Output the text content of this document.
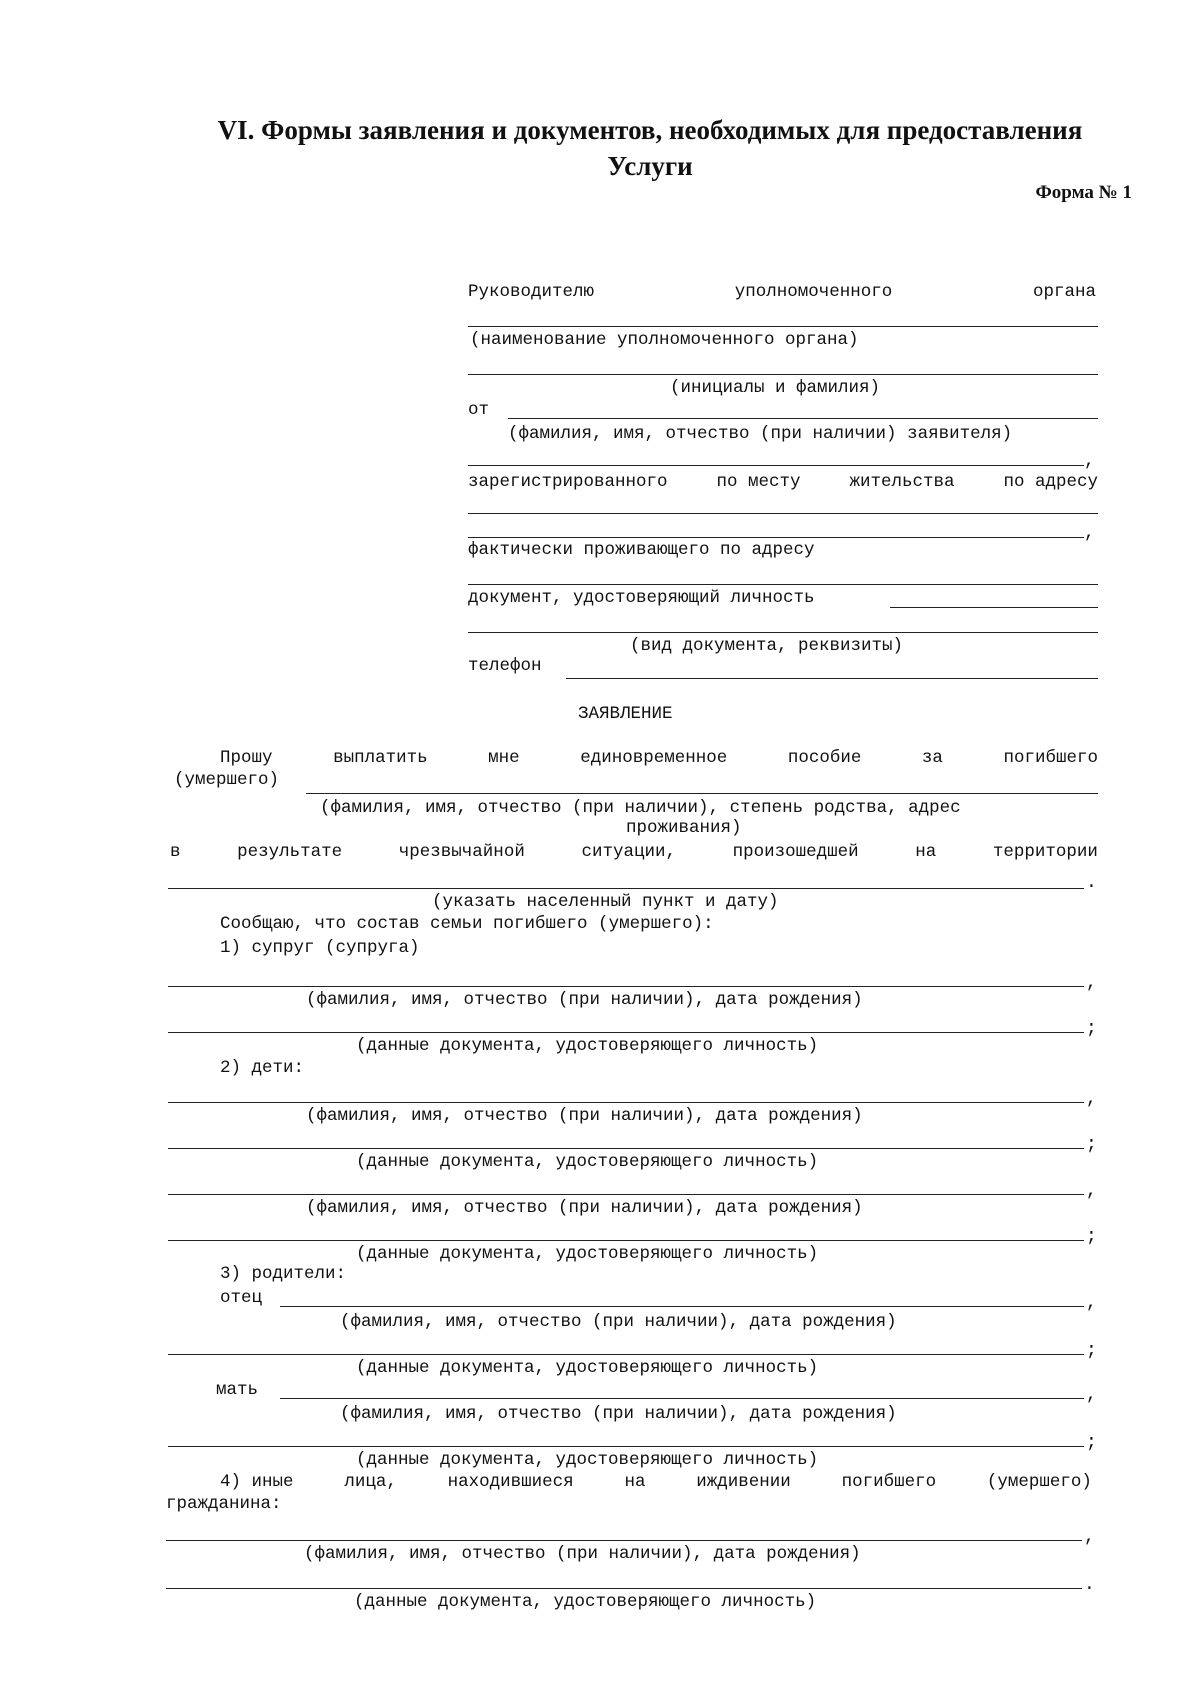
VI. Формы заявления и документов, необходимых для предоставления
Услуги
Форма № 1
Руководителю	уполномоченного	органа
(наименование уполномоченного органа)
(инициалы и фамилия)
от
(фамилия, имя, отчество (при наличии) заявителя)
,
зарегистрированного	по месту	жительства	по адресу
,
фактически проживающего по адресу
документ, удостоверяющий личность
(вид документа, реквизиты)
телефон
ЗАЯВЛЕНИЕ
Прошу	выплатить	мне	единовременное	пособие	за	погибшего
(умершего)
(фамилия, имя, отчество (при наличии), степень родства, адрес
проживания)
в	результате	чрезвычайной	ситуации,	произошедшей	на	территории
.
(указать населенный пункт и дату)
Сообщаю, что состав семьи погибшего (умершего):
1) супруг (супруга)
,
(фамилия, имя, отчество (при наличии), дата рождения)
;
(данные документа, удостоверяющего личность)
2) дети:
,
(фамилия, имя, отчество (при наличии), дата рождения)
;
(данные документа, удостоверяющего личность)
,
(фамилия, имя, отчество (при наличии), дата рождения)
;
(данные документа, удостоверяющего личность)
3) родители:
отец	,
(фамилия, имя, отчество (при наличии), дата рождения)
;
(данные документа, удостоверяющего личность)
мать	,
(фамилия, имя, отчество (при наличии), дата рождения)
;
(данные документа, удостоверяющего личность)
4) иные	лица,	находившиеся	на	иждивении	погибшего	(умершего)
гражданина:
,
(фамилия, имя, отчество (при наличии), дата рождения)
.
(данные документа, удостоверяющего личность)
